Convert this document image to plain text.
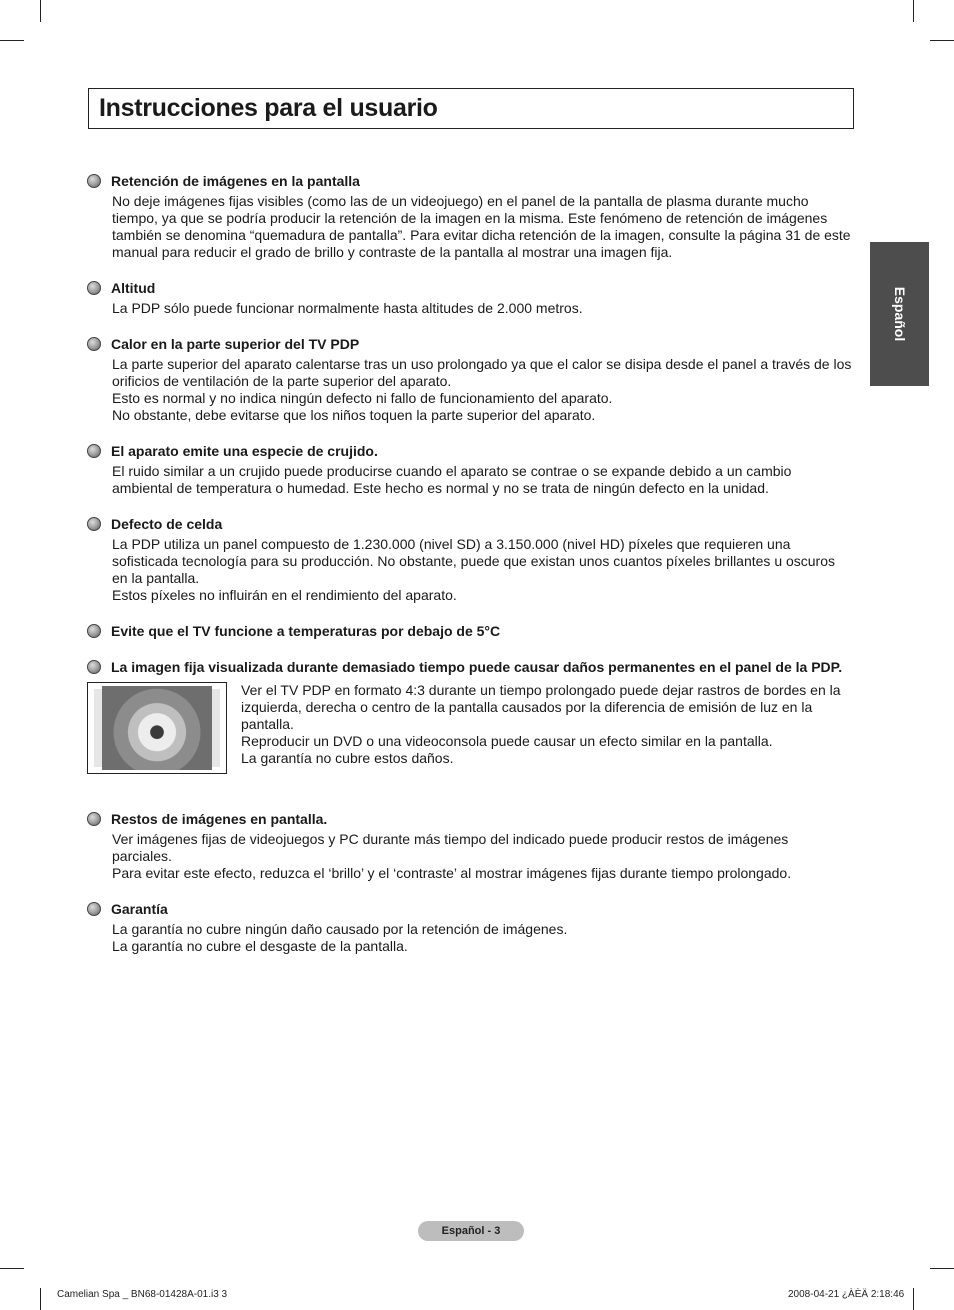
Instrucciones para el usuario
Español
Retención de imágenes en la pantalla

No deje imágenes fijas visibles (como las de un videojuego) en el panel de la pantalla de plasma durante mucho tiempo, ya que se podría producir la retención de la imagen en la misma. Este fenómeno de retención de imágenes también se denomina “quemadura de pantalla”. Para evitar dicha retención de la imagen, consulte la página 31 de este manual para reducir el grado de brillo y contraste de la pantalla al mostrar una imagen fija.

Altitud

La PDP sólo puede funcionar normalmente hasta altitudes de 2.000 metros.

Calor en la parte superior del TV PDP

La parte superior del aparato calentarse tras un uso prolongado ya que el calor se disipa desde el panel a través de los orificios de ventilación de la parte superior del aparato.

Esto es normal y no indica ningún defecto ni fallo de funcionamiento del aparato.

No obstante, debe evitarse que los niños toquen la parte superior del aparato.

El aparato emite una especie de crujido.

El ruido similar a un crujido puede producirse cuando el aparato se contrae o se expande debido a un cambio ambiental de temperatura o humedad. Este hecho es normal y no se trata de ningún defecto en la unidad.

Defecto de celda

La PDP utiliza un panel compuesto de 1.230.000 (nivel SD) a 3.150.000 (nivel HD) píxeles que requieren una sofisticada tecnología para su producción. No obstante, puede que existan unos cuantos píxeles brillantes u oscuros en la pantalla.

Estos píxeles no influirán en el rendimiento del aparato.

Evite que el TV funcione a temperaturas por debajo de 5°C
La imagen fija visualizada durante demasiado tiempo puede causar daños permanentes en el panel de la PDP.

Ver el TV PDP en formato 4:3 durante un tiempo prolongado puede dejar rastros de bordes en la izquierda, derecha o centro de la pantalla causados por la diferencia de emisión de luz en la pantalla.

Reproducir un DVD o una videoconsola puede causar un efecto similar en la pantalla.

La garantía no cubre estos daños.

Restos de imágenes en pantalla.

Ver imágenes fijas de videojuegos y PC durante más tiempo del indicado puede producir restos de imágenes parciales.

Para evitar este efecto, reduzca el ‘brillo’ y el ‘contraste’ al mostrar imágenes fijas durante tiempo prolongado.

Garantía

La garantía no cubre ningún daño causado por la retención de imágenes.

La garantía no cubre el desgaste de la pantalla.

Español - 3
Camelian Spa _ BN68-01428A-01.i3 3	2008-04-21 ¿ÀÈÄ 2:18:46
